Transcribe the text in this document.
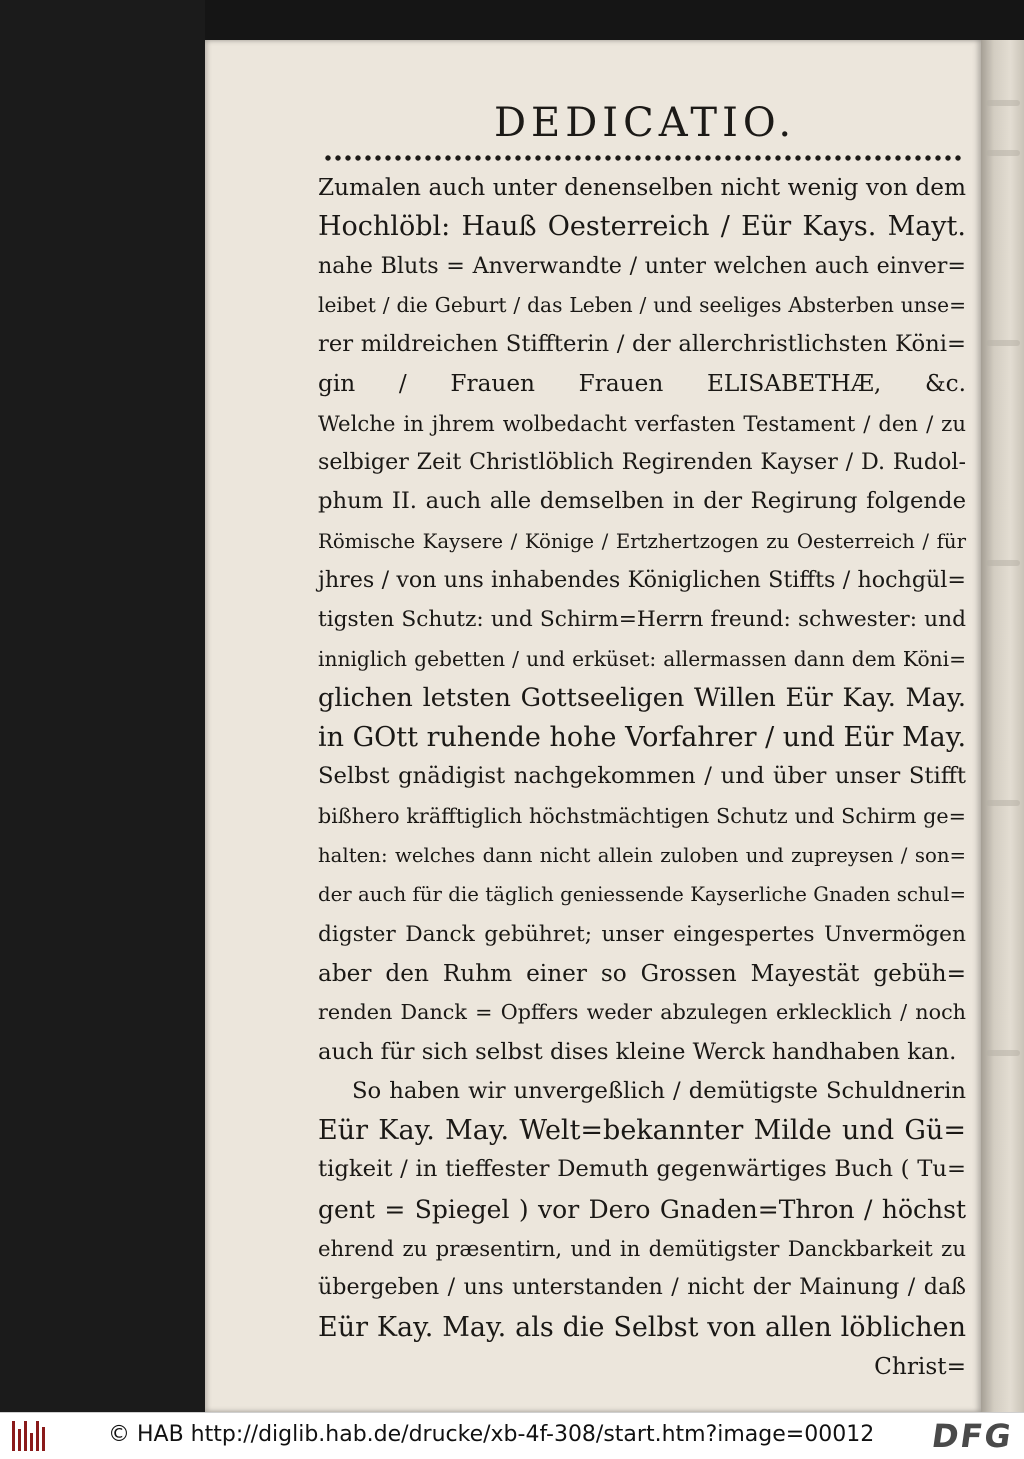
DEDICATIO.
Zumalen auch unter denenselben nicht wenig von dem
Hochlöbl: Hauß Oesterreich / Eür Kays. Mayt.
nahe Bluts = Anverwandte / unter welchen auch einver=
leibet / die Geburt / das Leben / und seeliges Absterben unse=
rer mildreichen Stiffterin / der allerchristlichsten Köni=
gin / Frauen Frauen ELISABETHÆ, &c.
Welche in jhrem wolbedacht verfasten Testament / den / zu
selbiger Zeit Christlöblich Regirenden Kayser / D. Rudol-
phum II. auch alle demselben in der Regirung folgende
Römische Kaysere / Könige / Ertzhertzogen zu Oesterreich / für
jhres / von uns inhabendes Königlichen Stiffts / hochgül=
tigsten Schutz: und Schirm=Herrn freund: schwester: und
inniglich gebetten / und erküset: allermassen dann dem Köni=
glichen letsten Gottseeligen Willen Eür Kay. May.
in GOtt ruhende hohe Vorfahrer / und Eür May.
Selbst gnädigist nachgekommen / und über unser Stifft
bißhero kräfftiglich höchstmächtigen Schutz und Schirm ge=
halten: welches dann nicht allein zuloben und zupreysen / son=
der auch für die täglich geniessende Kayserliche Gnaden schul=
digster Danck gebühret; unser eingespertes Unvermögen
aber den Ruhm einer so Grossen Mayestät gebüh=
renden Danck = Opffers weder abzulegen erklecklich / noch
auch für sich selbst dises kleine Werck handhaben kan.
So haben wir unvergeßlich / demütigste Schuldnerin
Eür Kay. May. Welt=bekannter Milde und Gü=
tigkeit / in tieffester Demuth gegenwärtiges Buch ( Tu=
gent = Spiegel ) vor Dero Gnaden=Thron / höchst
ehrend zu præsentirn, und in demütigster Danckbarkeit zu
übergeben / uns unterstanden / nicht der Mainung / daß
Eür Kay. May. als die Selbst von allen löblichen
Christ=
© HAB http://diglib.hab.de/drucke/xb-4f-308/start.htm?image=00012 DFG
